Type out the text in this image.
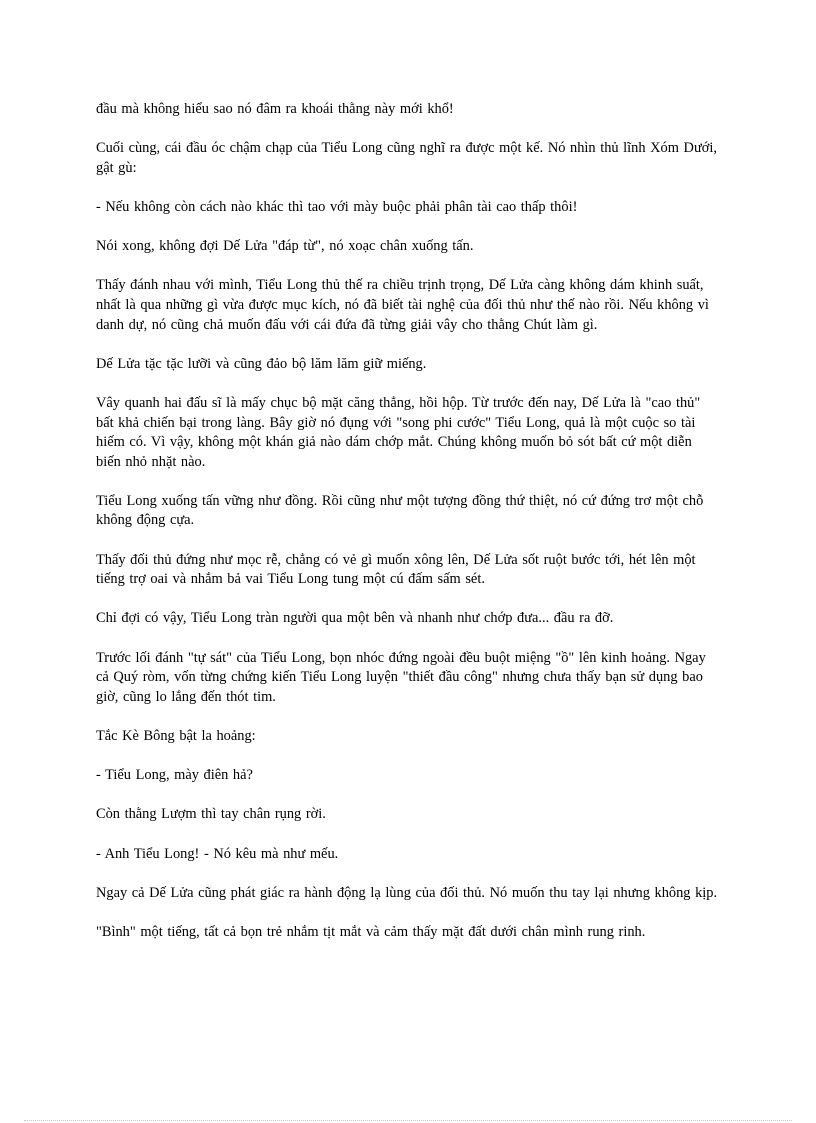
đầu mà không hiểu sao nó đâm ra khoái thằng này mới khổ!

Cuối cùng, cái đầu óc chậm chạp của Tiểu Long cũng nghĩ ra được một kế. Nó nhìn thủ lĩnh Xóm Dưới, gật gù:

- Nếu không còn cách nào khác thì tao với mày buộc phải phân tài cao thấp thôi!

Nói xong, không đợi Dế Lửa "đáp từ", nó xoạc chân xuống tấn.

Thấy đánh nhau với mình, Tiểu Long thủ thế ra chiều trịnh trọng, Dế Lửa càng không dám khinh suất, nhất là qua những gì vừa được mục kích, nó đã biết tài nghệ của đối thủ như thế nào rồi. Nếu không vì danh dự, nó cũng chả muốn đấu với cái đứa đã từng giải vây cho thằng Chút làm gì.

Dế Lửa tặc tặc lưỡi và cũng đảo bộ lăm lăm giữ miếng.

Vây quanh hai đấu sĩ là mấy chục bộ mặt căng thẳng, hồi hộp. Từ trước đến nay, Dế Lửa là "cao thủ" bất khả chiến bại trong làng. Bây giờ nó đụng với "song phi cước" Tiểu Long, quả là một cuộc so tài hiếm có. Vì vậy, không một khán giả nào dám chớp mắt. Chúng không muốn bỏ sót bất cứ một diễn biến nhỏ nhặt nào.

Tiểu Long xuống tấn vững như đồng. Rồi cũng như một tượng đồng thứ thiệt, nó cứ đứng trơ một chỗ không động cựa.

Thấy đối thủ đứng như mọc rễ, chẳng có vẻ gì muốn xông lên, Dế Lửa sốt ruột bước tới, hét lên một tiếng trợ oai và nhắm bả vai Tiểu Long tung một cú đấm sấm sét.

Chỉ đợi có vậy, Tiểu Long tràn người qua một bên và nhanh như chớp đưa... đầu ra đỡ.

Trước lối đánh "tự sát" của Tiểu Long, bọn nhóc đứng ngoài đều buột miệng "ồ" lên kinh hoảng. Ngay cả Quý ròm, vốn từng chứng kiến Tiểu Long luyện "thiết đầu công" nhưng chưa thấy bạn sử dụng bao giờ, cũng lo lắng đến thót tim.

Tắc Kè Bông bật la hoảng:

- Tiểu Long, mày điên hả?

Còn thằng Lượm thì tay chân rụng rời.

- Anh Tiểu Long! - Nó kêu mà như mếu.

Ngay cả Dế Lửa cũng phát giác ra hành động lạ lùng của đối thủ. Nó muốn thu tay lại nhưng không kịp.

"Bình" một tiếng, tất cả bọn trẻ nhắm tịt mắt và cảm thấy mặt đất dưới chân mình rung rinh.
